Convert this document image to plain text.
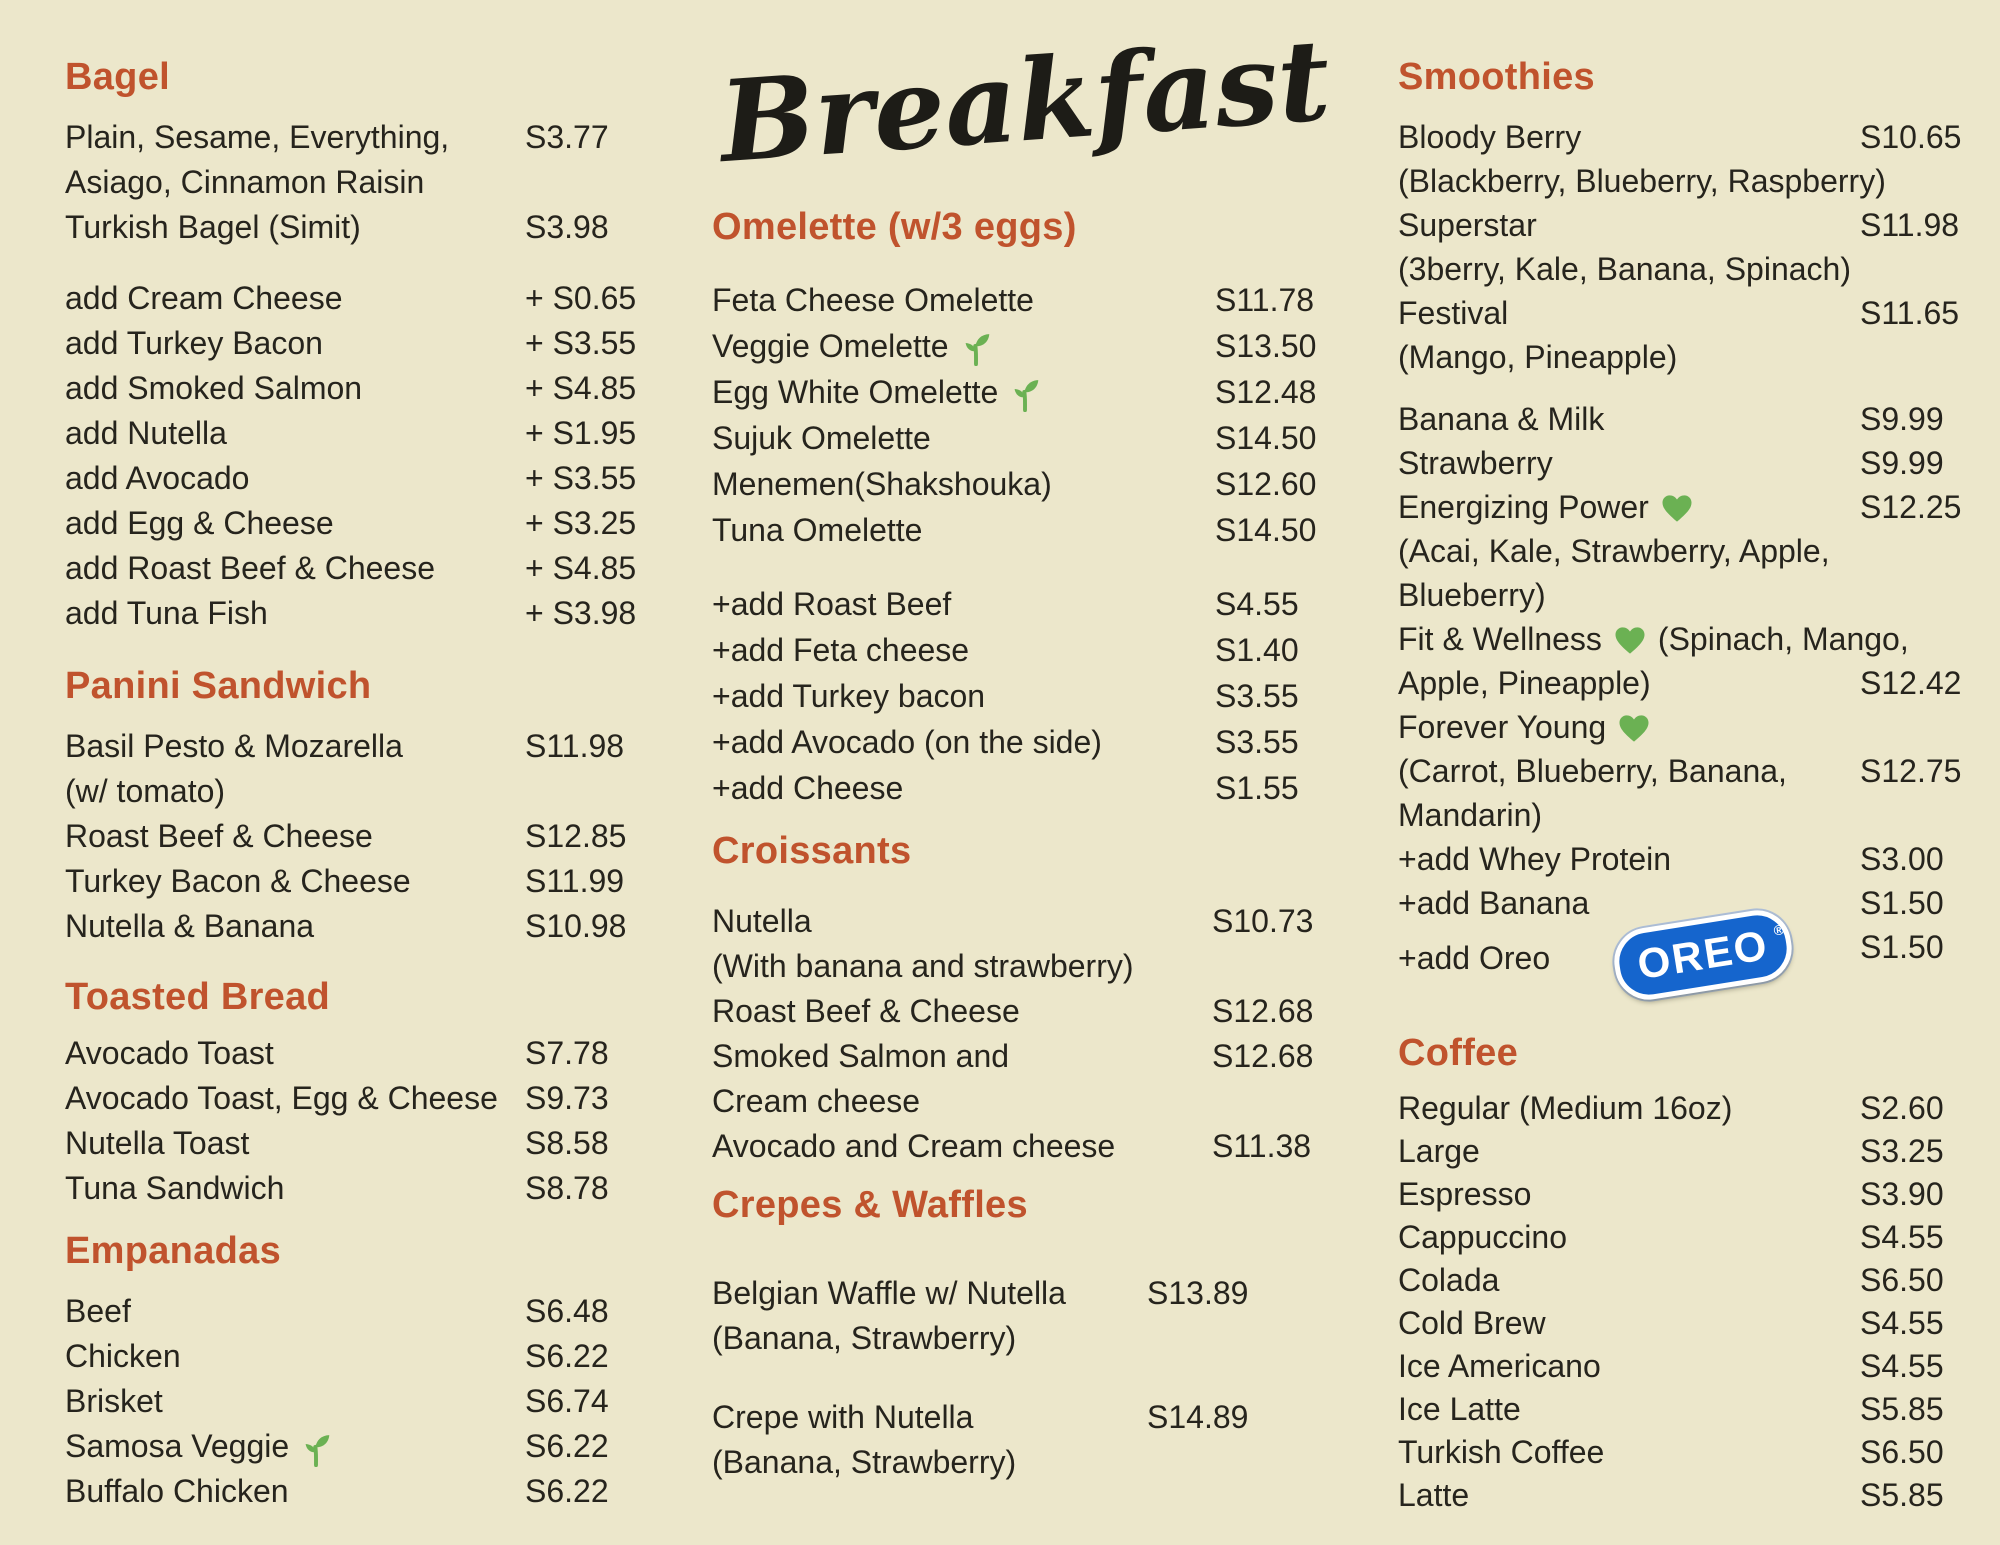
Bagel
Plain, Sesame, Everything, S3.77
Asiago, Cinnamon Raisin
Turkish Bagel (Simit)	S3.98
add Cream Cheese	+ S0.65
add Turkey Bacon	+ S3.55
add Smoked Salmon	+ S4.85
add Nutella	+ S1.95
add Avocado	+ S3.55
add Egg & Cheese	+ S3.25
add Roast Beef & Cheese	+ S4.85
add Tuna Fish	+ S3.98
Panini Sandwich
Basil Pesto & Mozarella	S11.98
(w/ tomato)
Roast Beef & Cheese	S12.85
Turkey Bacon & Cheese	S11.99
Nutella & Banana	S10.98
Toasted Bread
Avocado Toast	S7.78
Avocado Toast, Egg & Cheese S9.73
Nutella Toast	S8.58
Tuna Sandwich	S8.78
Empanadas
Beef	S6.48
Chicken	S6.22
Brisket	S6.74
Samosa Veggie	S6.22
Buffalo Chicken	S6.22
Breakfast
Omelette (w/3 eggs)
Feta Cheese Omelette	S11.78
Veggie Omelette	S13.50
Egg White Omelette	S12.48
Sujuk Omelette	S14.50
Menemen(Shakshouka)	S12.60
Tuna Omelette	S14.50
+add Roast Beef	S4.55
+add Feta cheese	S1.40
+add Turkey bacon	S3.55
+add Avocado (on the side)	S3.55
+add Cheese	S1.55
Croissants
Nutella	S10.73
(With banana and strawberry)
Roast Beef & Cheese	S12.68
Smoked Salmon and	S12.68
Cream cheese
Avocado and Cream cheese	S11.38
Crepes & Waffles
Belgian Waffle w/ Nutella	S13.89
(Banana, Strawberry)
Crepe with Nutella	S14.89
(Banana, Strawberry)
Smoothies
Bloody Berry	S10.65
(Blackberry, Blueberry, Raspberry)
Superstar	S11.98
(3berry, Kale, Banana, Spinach)
Festival	S11.65
(Mango, Pineapple)
Banana & Milk	S9.99
Strawberry	S9.99
Energizing Power	S12.25
(Acai, Kale, Strawberry, Apple,
Blueberry)
Fit & Wellness (Spinach, Mango,
Apple, Pineapple)	S12.42
Forever Young
(Carrot, Blueberry, Banana, S12.75
Mandarin)
+add Whey Protein	S3.00
+add Banana	S1.50
+add Oreo	OREO ® S1.50
Coffee
Regular (Medium 16oz)	S2.60
Large	S3.25
Espresso	S3.90
Cappuccino	S4.55
Colada	S6.50
Cold Brew	S4.55
Ice Americano	S4.55
Ice Latte	S5.85
Turkish Coffee	S6.50
Latte	S5.85
